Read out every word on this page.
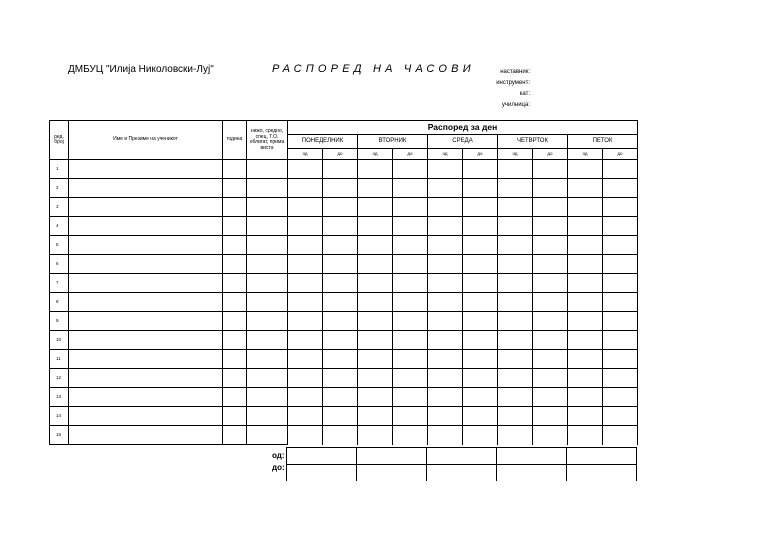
ДМБУЦ "Илија Николовски-Луј"	РАСПОРЕД НА ЧАСОВИ	наставник:
инструмент:
кат:
училница:
ред. број	Име и Презиме на ученикот	година	нижо, средно, спец, Т.О. облигат, прима виста	Распоред за ден									
				ПОНЕДЕЛНИК		ВТОРНИК		СРЕДА		ЧЕТВРТОК		ПЕТОК	
				од	до	од	до	од	до	од	до	од	до
1													
2													
3													
4													
5													
6													
7													
8													
9													
10													
11													
12													
13													
14													
15													
од:
до:
